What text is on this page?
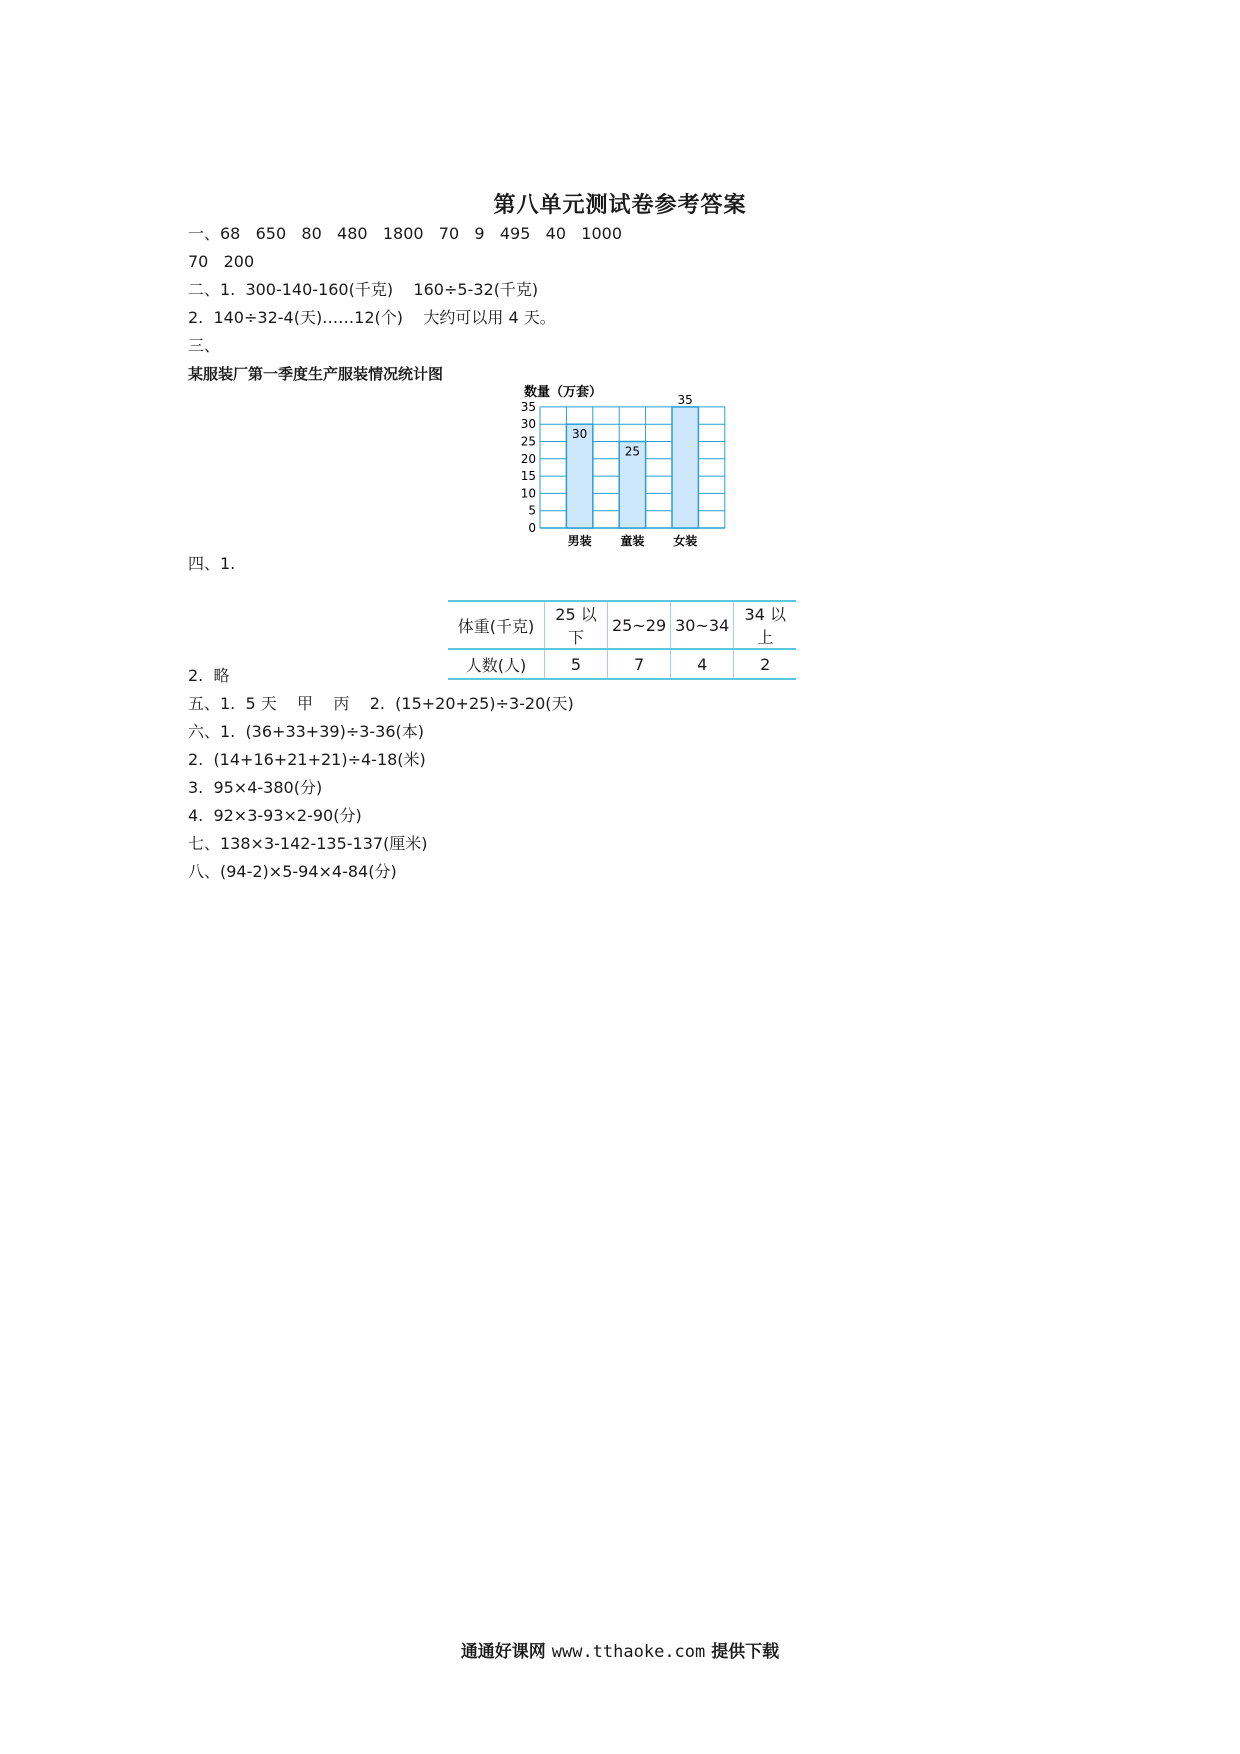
第八单元测试卷参考答案
一、68   650   80   480   1800   70   9   495   40   1000
70   200
二、1.  300-140-160(千克)    160÷5-32(千克)
2.  140÷32-4(天)……12(个)    大约可以用 4 天。
三、
某服装厂第一季度生产服装情况统计图
数量（万套）
0
5
10
15
20
25
30
35
30
男装
25
童装
35
女装
四、1.
体重(千克)	25 以下	25~29	30~34	34 以上
人数(人)	5	7	4	2
2.  略
五、1.  5 天    甲    丙    2.  (15+20+25)÷3-20(天)
六、1.  (36+33+39)÷3-36(本)
2.  (14+16+21+21)÷4-18(米)
3.  95×4-380(分)
4.  92×3-93×2-90(分)
七、138×3-142-135-137(厘米)
八、(94-2)×5-94×4-84(分)
通通好课网 www.tthaoke.com 提供下载
